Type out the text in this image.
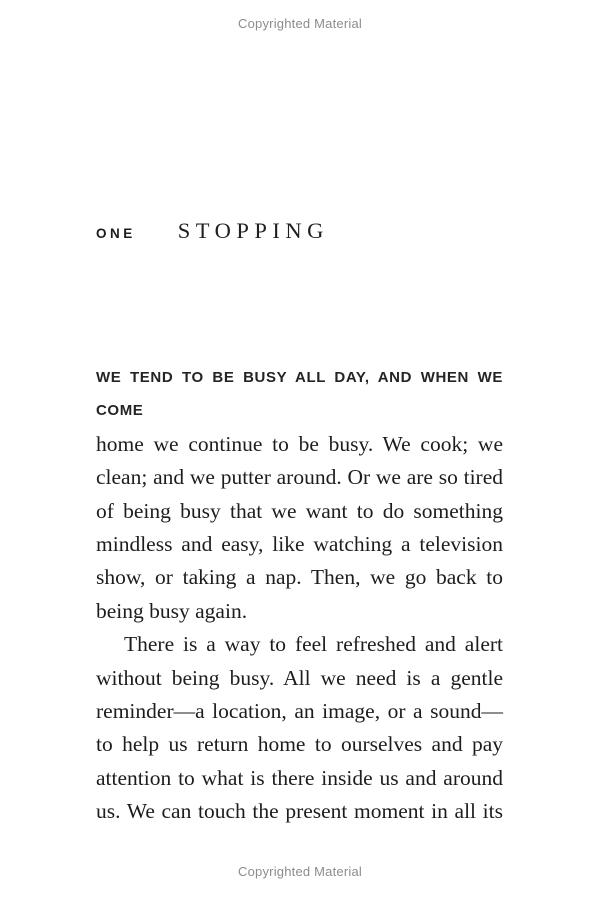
Copyrighted Material
ONE STOPPING
WE TEND TO BE BUSY ALL DAY, AND WHEN WE COME
home we continue to be busy. We cook; we
clean; and we putter around. Or we are so tired
of being busy that we want to do something
mindless and easy, like watching a television
show, or taking a nap. Then, we go back to
being busy again.
There is a way to feel refreshed and alert
without being busy. All we need is a gentle
reminder—a location, an image, or a sound—
to help us return home to ourselves and pay
attention to what is there inside us and around
us. We can touch the present moment in all its
Copyrighted Material
